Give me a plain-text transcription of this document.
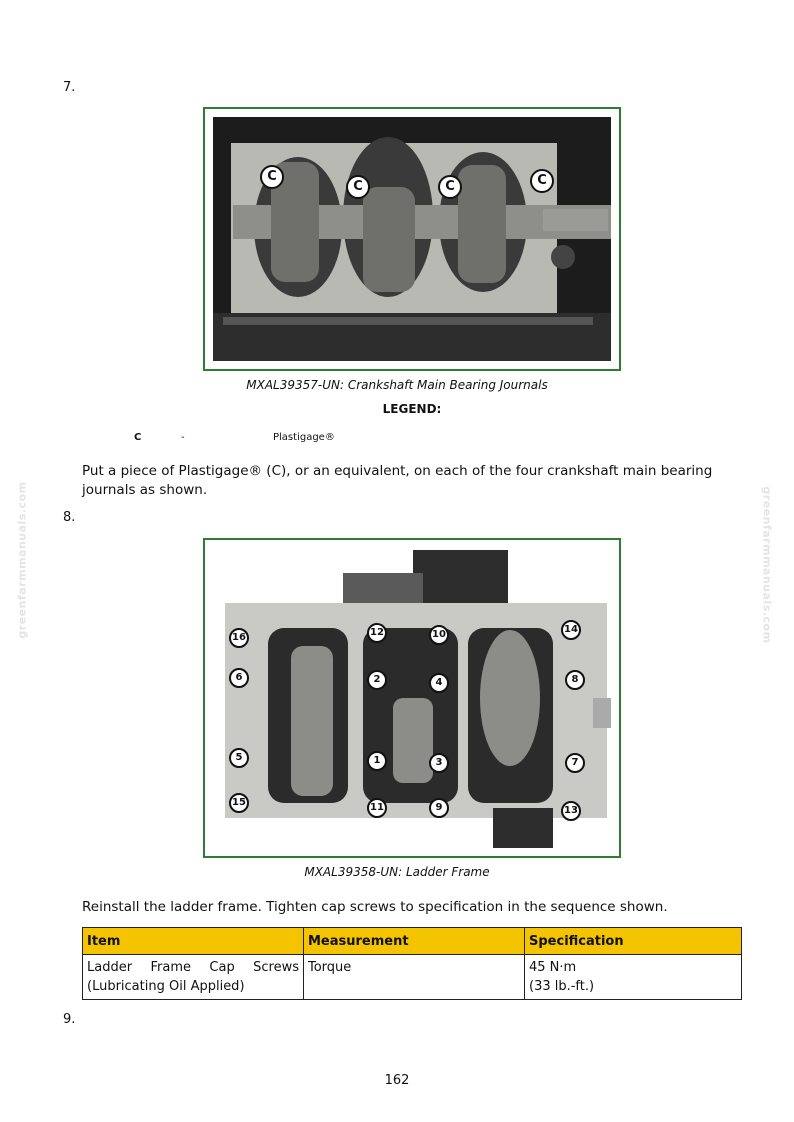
greenfarmmanuals.com	greenfarmmanuals.com
7.
C
C	C	C
MXAL39357-UN: Crankshaft Main Bearing Journals
LEGEND:
C	-	Plastigage®
Put a piece of Plastigage® (C), or an equivalent, on each of the four crankshaft main bearing journals as shown.
8.
16	12	10	14
6	2	4	8
5	1	3	7
15	11	9	13
MXAL39358-UN: Ladder Frame
Reinstall the ladder frame. Tighten cap screws to specification in the sequence shown.
Item	Measurement	Specification
Ladder Frame Cap Screws (Lubricating Oil Applied)	Torque	45 N·m
(33 lb.-ft.)
9.
162
